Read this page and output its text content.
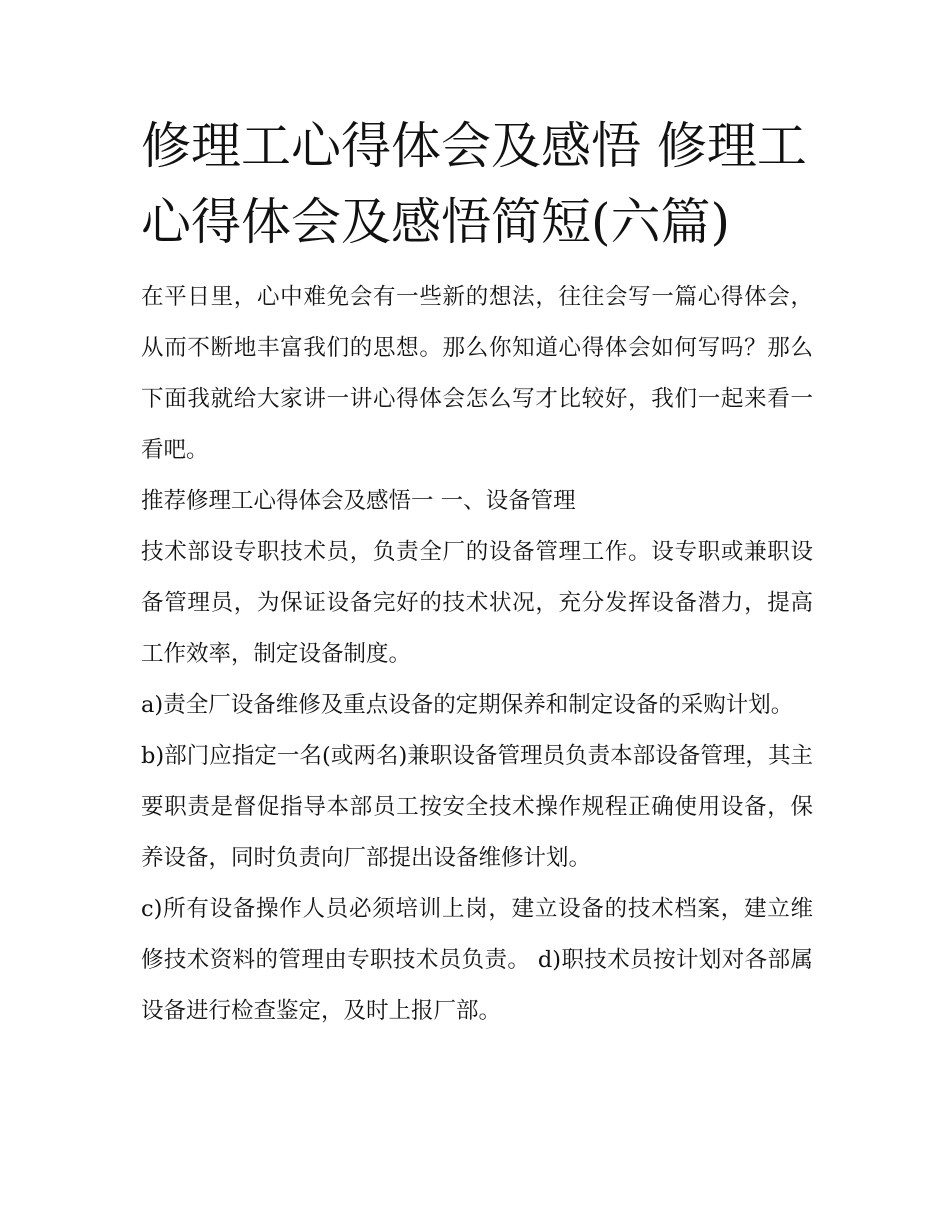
修理工心得体会及感悟 修理工心得体会及感悟简短(六篇)

在平日里，心中难免会有一些新的想法，往往会写一篇心得体会，从而不断地丰富我们的思想。那么你知道心得体会如何写吗？那么下面我就给大家讲一讲心得体会怎么写才比较好，我们一起来看一看吧。

推荐修理工心得体会及感悟一 一、设备管理

技术部设专职技术员，负责全厂的设备管理工作。设专职或兼职设备管理员，为保证设备完好的技术状况，充分发挥设备潜力，提高工作效率，制定设备制度。

a)责全厂设备维修及重点设备的定期保养和制定设备的采购计划。

b)部门应指定一名(或两名)兼职设备管理员负责本部设备管理，其主要职责是督促指导本部员工按安全技术操作规程正确使用设备，保养设备，同时负责向厂部提出设备维修计划。

c)所有设备操作人员必须培训上岗，建立设备的技术档案，建立维修技术资料的管理由专职技术员负责。 d)职技术员按计划对各部属设备进行检查鉴定，及时上报厂部。
